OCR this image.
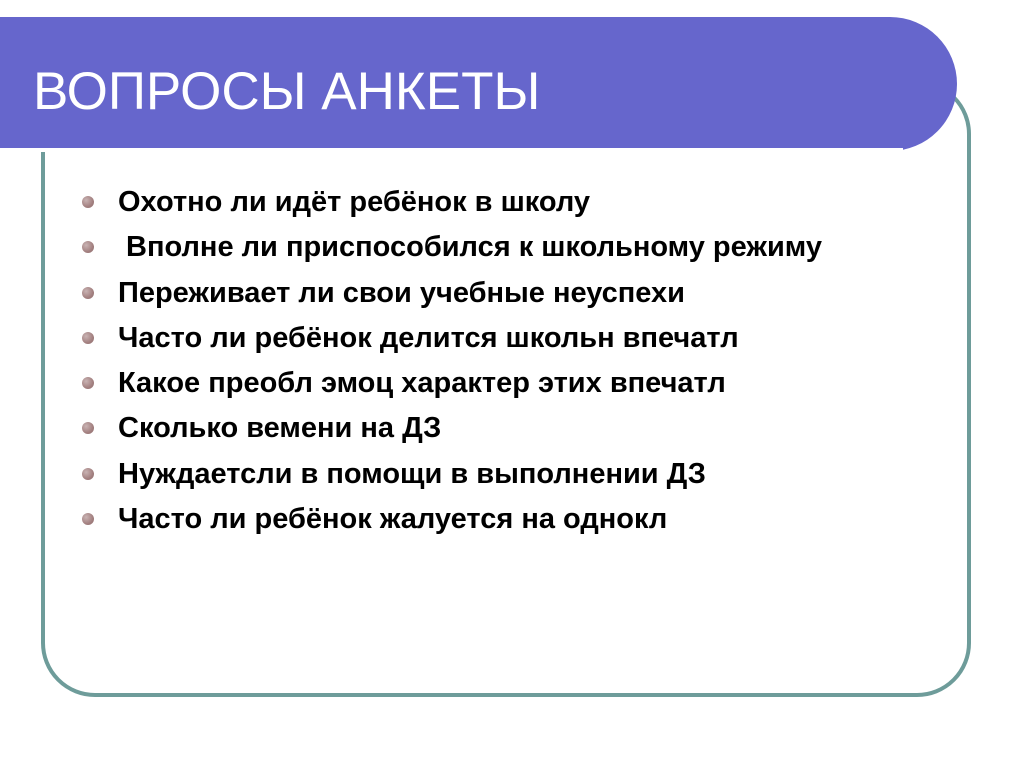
ВОПРОСЫ АНКЕТЫ
Охотно ли идёт ребёнок в школу
Вполне ли приспособился к школьному режиму
Переживает ли свои учебные неуспехи
Часто ли ребёнок делится школьн впечатл
Какое преобл эмоц характер этих впечатл
Сколько вемени на ДЗ
Нуждаетсли в помощи в выполнении ДЗ
Часто ли ребёнок жалуется на однокл
